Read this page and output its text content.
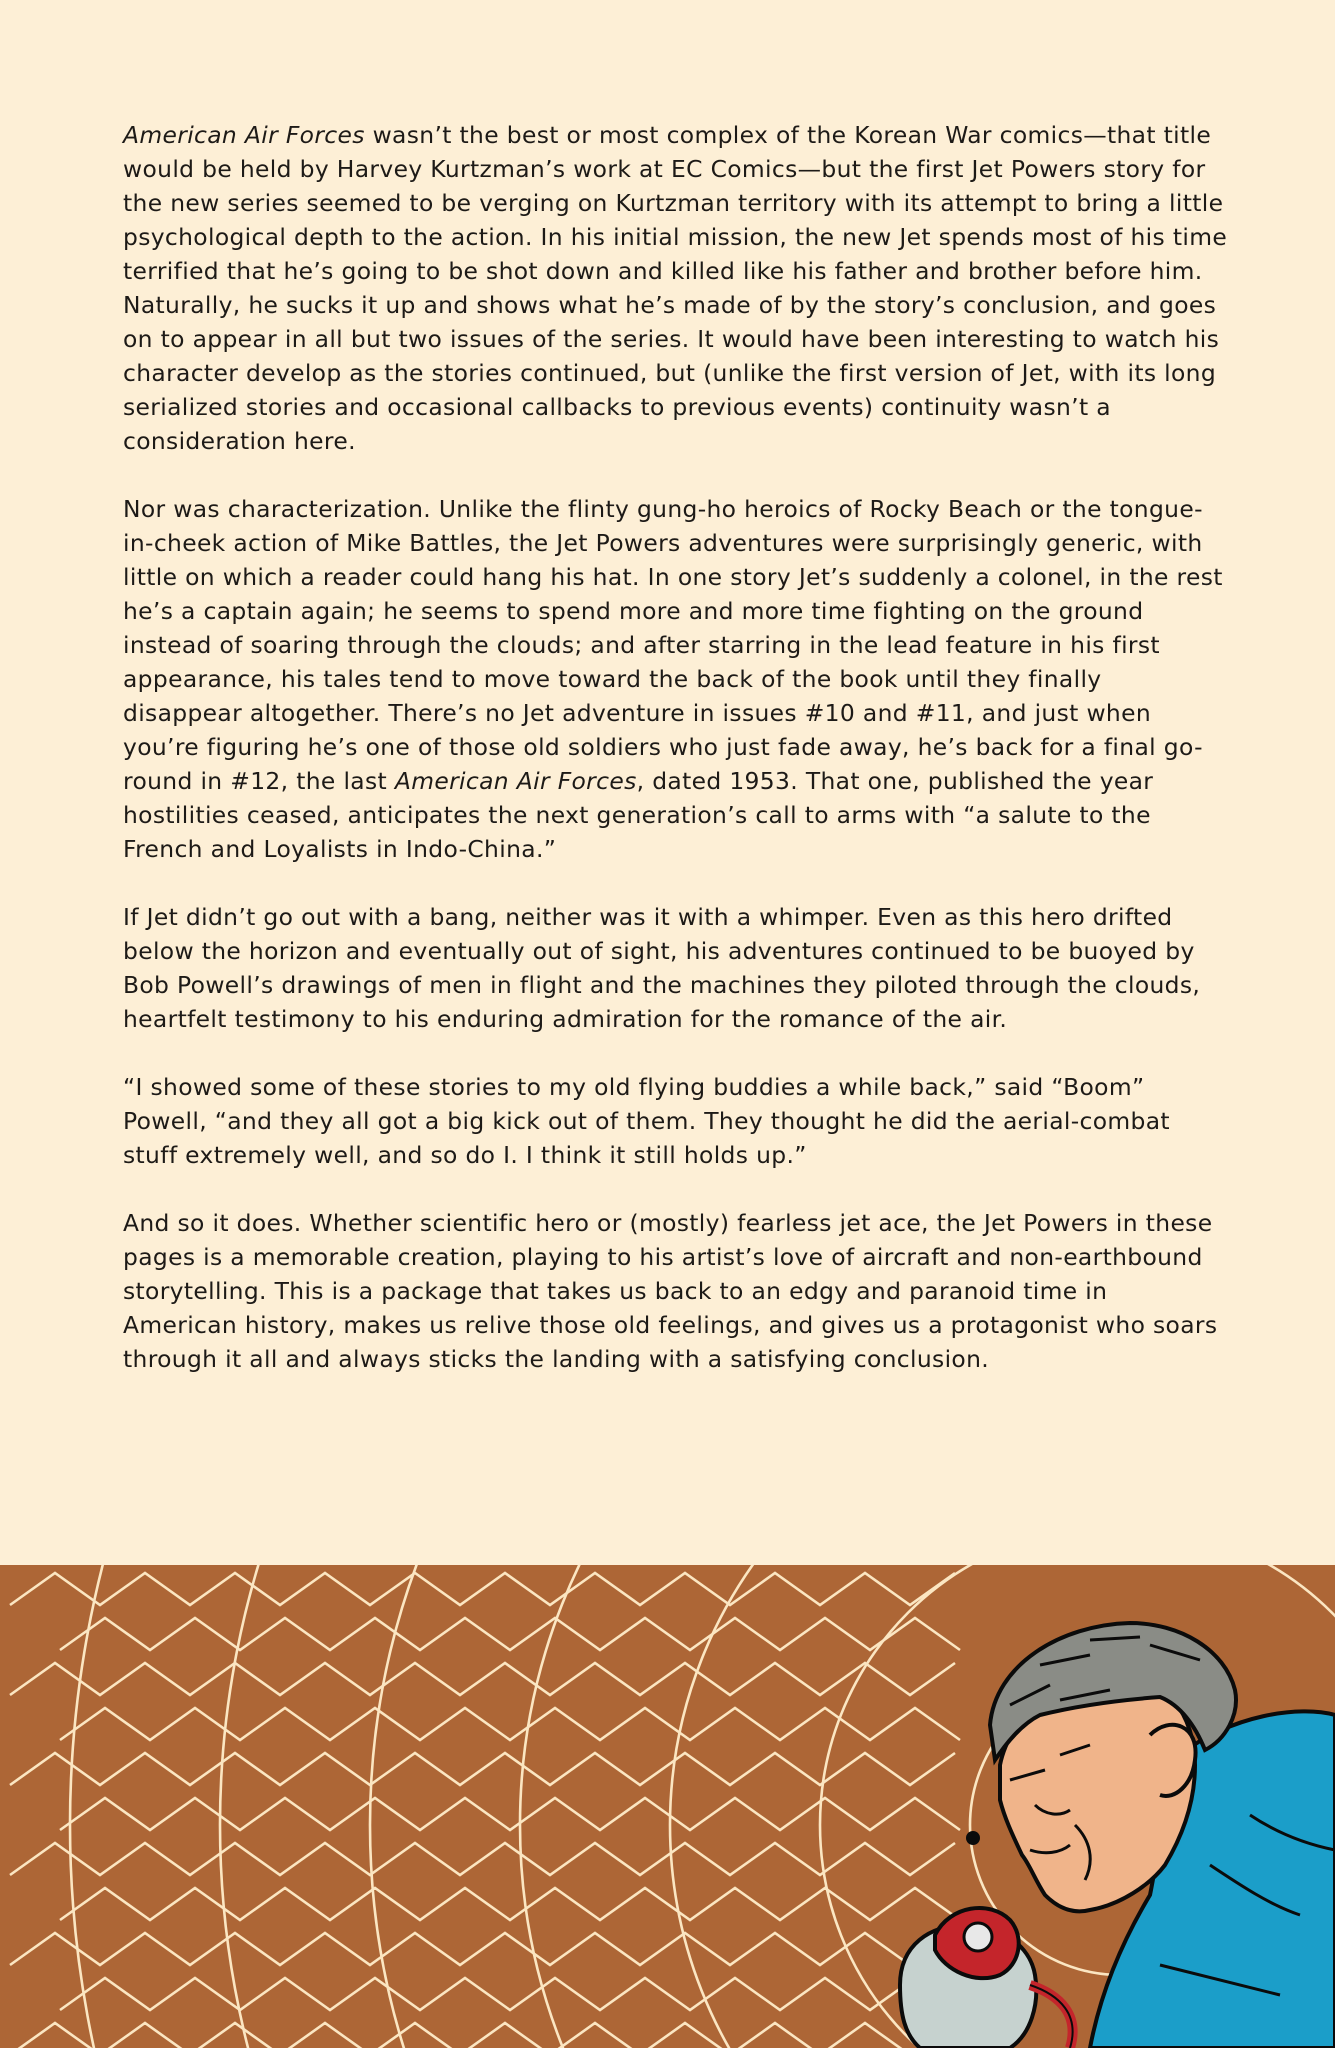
American Air Forces wasn’t the best or most complex of the Korean War comics—that title would be held by Harvey Kurtzman’s work at EC Comics—but the first Jet Powers story for the new series seemed to be verging on Kurtzman territory with its attempt to bring a little psychological depth to the action. In his initial mission, the new Jet spends most of his time terrified that he’s going to be shot down and killed like his father and brother before him. Naturally, he sucks it up and shows what he’s made of by the story’s conclusion, and goes on to appear in all but two issues of the series. It would have been interesting to watch his character develop as the stories continued, but (unlike the first version of Jet, with its long serialized stories and occasional callbacks to previous events) continuity wasn’t a consideration here.

Nor was characterization. Unlike the flinty gung-ho heroics of Rocky Beach or the tongue-in-cheek action of Mike Battles, the Jet Powers adventures were surprisingly generic, with little on which a reader could hang his hat. In one story Jet’s suddenly a colonel, in the rest he’s a captain again; he seems to spend more and more time fighting on the ground instead of soaring through the clouds; and after starring in the lead feature in his first appearance, his tales tend to move toward the back of the book until they finally disappear altogether. There’s no Jet adventure in issues #10 and #11, and just when you’re figuring he’s one of those old soldiers who just fade away, he’s back for a final go-round in #12, the last American Air Forces, dated 1953. That one, published the year hostilities ceased, anticipates the next generation’s call to arms with “a salute to the French and Loyalists in Indo-China.”

If Jet didn’t go out with a bang, neither was it with a whimper. Even as this hero drifted below the horizon and eventually out of sight, his adventures continued to be buoyed by Bob Powell’s drawings of men in flight and the machines they piloted through the clouds, heartfelt testimony to his enduring admiration for the romance of the air.

“I showed some of these stories to my old flying buddies a while back,” said “Boom” Powell, “and they all got a big kick out of them. They thought he did the aerial-combat stuff extremely well, and so do I. I think it still holds up.”

And so it does. Whether scientific hero or (mostly) fearless jet ace, the Jet Powers in these pages is a memorable creation, playing to his artist’s love of aircraft and non-earthbound storytelling. This is a package that takes us back to an edgy and paranoid time in American history, makes us relive those old feelings, and gives us a protagonist who soars through it all and always sticks the landing with a satisfying conclusion.
